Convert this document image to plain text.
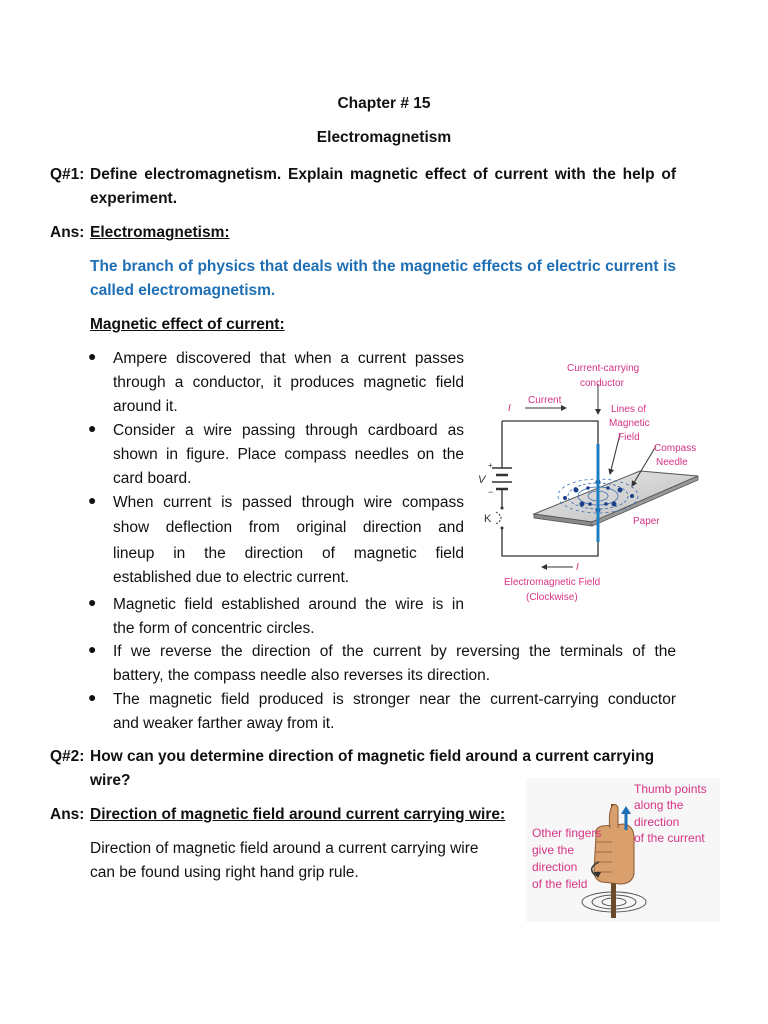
Chapter # 15
Electromagnetism
Q#1: Define electromagnetism. Explain magnetic effect of current with the help of
experiment.
Ans: Electromagnetism:
The branch of physics that deals with the magnetic effects of electric current is
called electromagnetism.
Magnetic effect of current:
● Ampere discovered that when a current passes
through a conductor, it produces magnetic field
around it.
● Consider a wire passing through cardboard as
shown in figure. Place compass needles on the
card board.
● When current is passed through wire compass
show deflection from original direction and
lineup in the direction of magnetic field
established due to electric current.
● Magnetic field established around the wire is in
the form of concentric circles.
● If we reverse the direction of the current by reversing the terminals of the
battery, the compass needle also reverses its direction.
● The magnetic field produced is stronger near the current-carrying conductor
and weaker farther away from it.
+
−
V
K
I
Current
I
Current-carrying
conductor
Lines of
Magnetic
Field
Compass
Needle
Paper
Electromagnetic Field
(Clockwise)
Q#2: How can you determine direction of magnetic field around a current carrying
wire?
Ans: Direction of magnetic field around current carrying wire:
Direction of magnetic field around a current carrying wire
can be found using right hand grip rule.
Thumb points
along the
direction
of the current
Other fingers
give the
direction
of the field
